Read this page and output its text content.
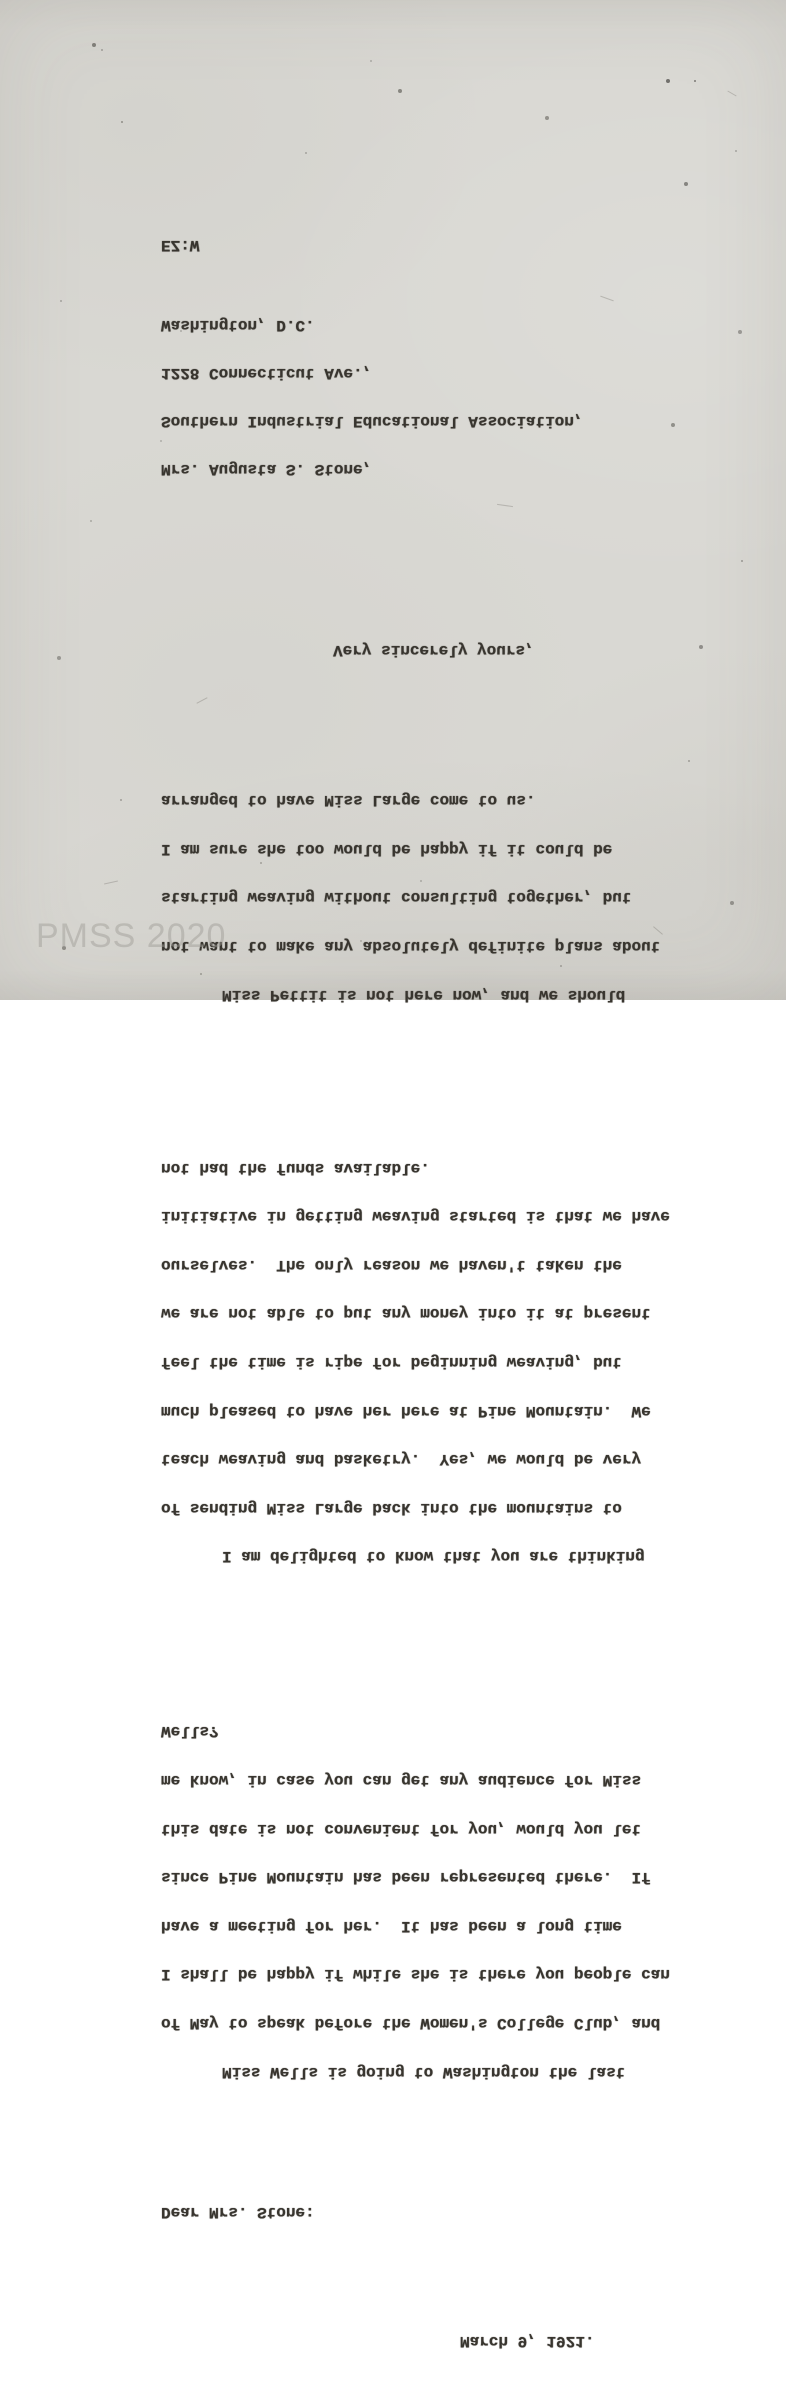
March 9, 1921.

Dear Mrs. Stone:

Miss Wells is going to Washington the last

of May to speak before the Women's College Club, and

I shall be happy if while she is there you people can

have a meeting for her.  It has been a long time

since Pine Mountain has been represented there.  If

this date is not convenient for you, would you let

me know, in case you can get any audience for Miss

Wells?

I am delighted to know that you are thinking

of sending Miss Large back into the mountains to

teach weaving and basketry.  Yes, we would be very

much pleased to have her here at Pine Mountain.  We

feel the time is ripe for beginning weaving, but

we are not able to put any money into it at present

ourselves.  The only reason we haven't taken the

initiative in getting weaving started is that we have

not had the funds available.

Miss Pettit is not here now, and we should

not want to make any absolutely definite plans about

starting weaving without consulting together, but

I am sure she too would be happy if it could be

arranged to have Miss Large come to us.

Very sincerely yours,

Mrs. Augusta S. Stone,

Southern Industrial Educational Association,

1228 Connecticut Ave.,

Washington, D.C.

EZ:W

PMSS 2020
